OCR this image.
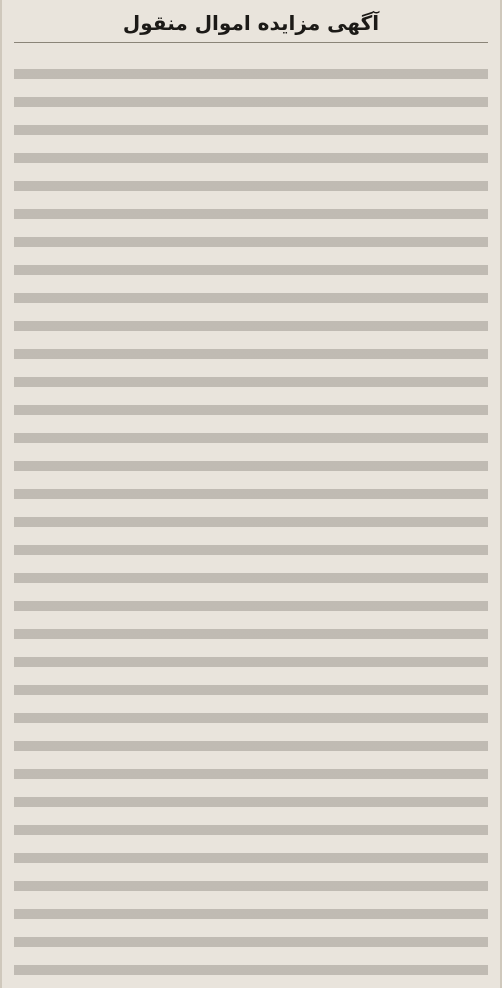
آگهی مزایده اموال منقول
